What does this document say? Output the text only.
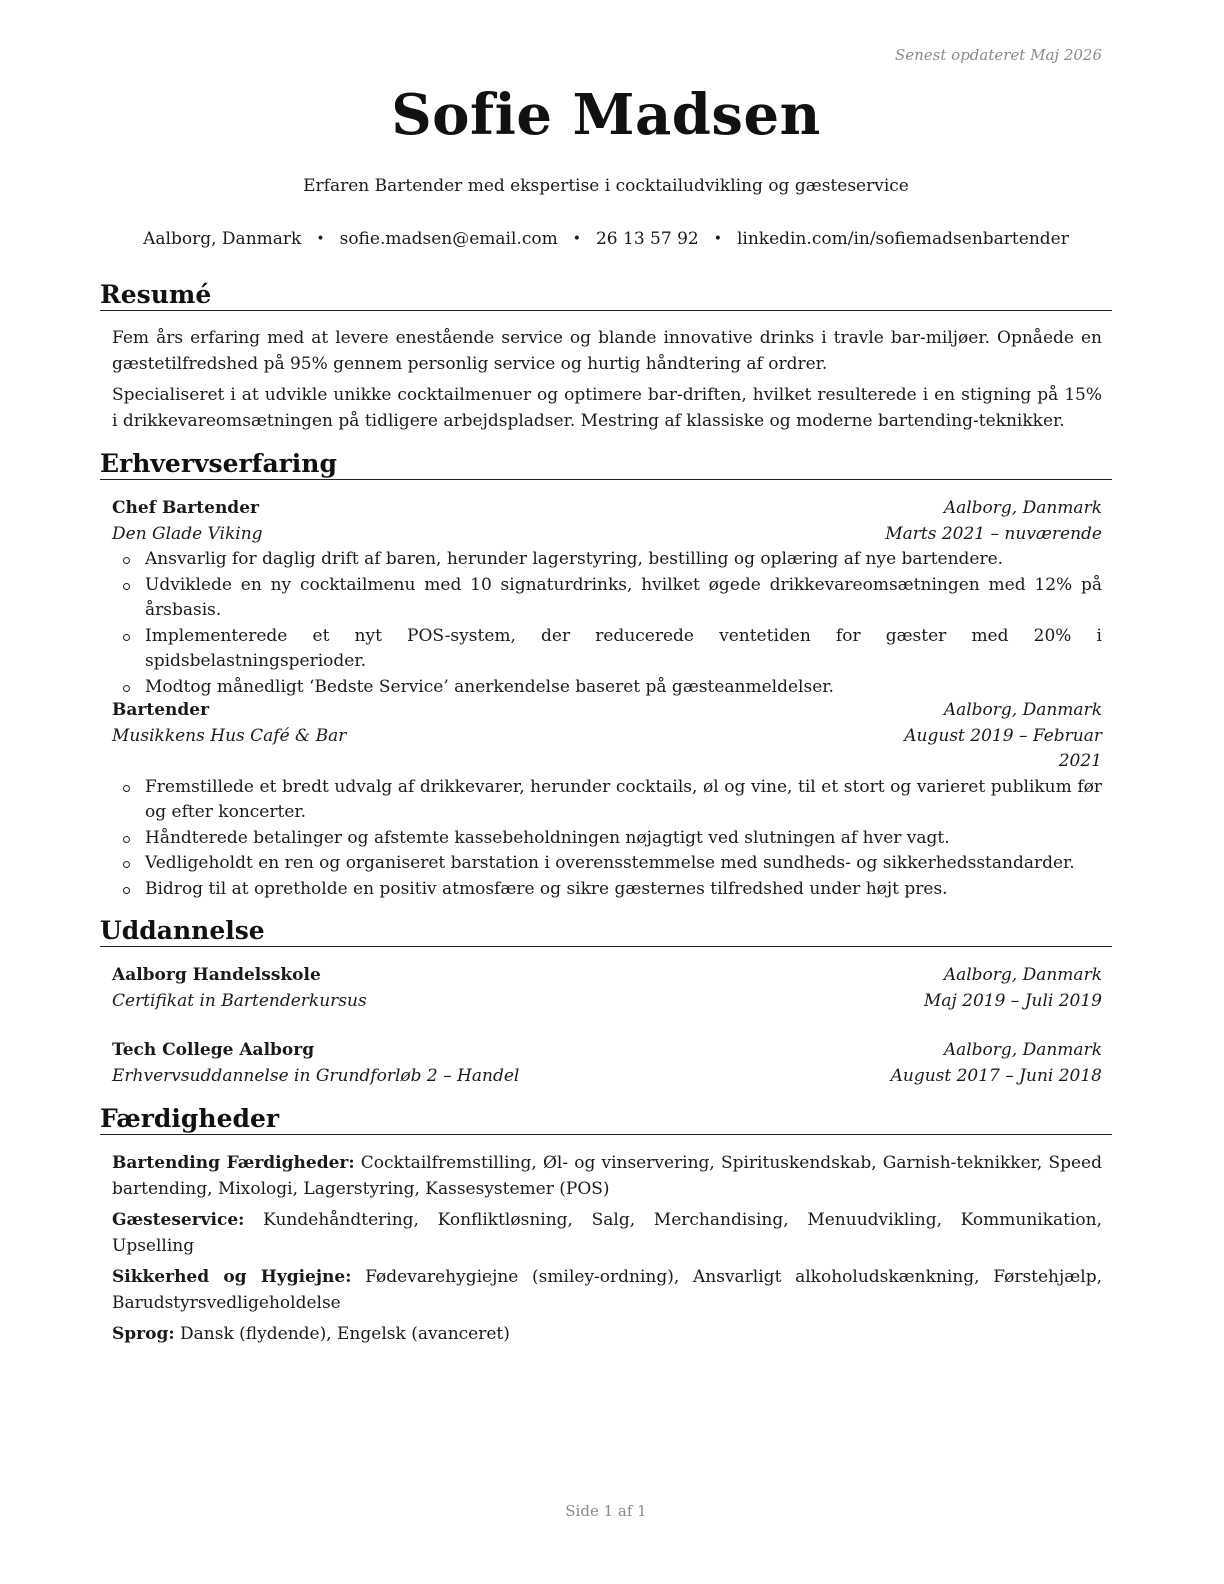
Senest opdateret Maj 2026
Sofie Madsen
Erfaren Bartender med ekspertise i cocktailudvikling og gæsteservice
Aalborg, Danmark • sofie.madsen@email.com • 26 13 57 92 • linkedin.com/in/sofiemadsenbartender
Resumé

Fem års erfaring med at levere enestående service og blande innovative drinks i travle bar-miljøer. Opnåede en gæstetilfredshed på 95% gennem personlig service og hurtig håndtering af ordrer.

Specialiseret i at udvikle unikke cocktailmenuer og optimere bar-driften, hvilket resulterede i en stigning på 15% i drikkevareomsætningen på tidligere arbejdspladser. Mestring af klassiske og moderne bartending-teknikker.

Erhvervserfaring
Chef Bartender	Aalborg, Danmark
Den Glade Viking	Marts 2021 – nuværende
Ansvarlig for daglig drift af baren, herunder lagerstyring, bestilling og oplæring af nye bartendere.
Udviklede en ny cocktailmenu med 10 signaturdrinks, hvilket øgede drikkevareomsætningen med 12% på årsbasis.
Implementerede et nyt POS-system, der reducerede ventetiden for gæster med 20% i spidsbelastningsperioder.
Modtog månedligt ‘Bedste Service’ anerkendelse baseret på gæsteanmeldelser.
Bartender	Aalborg, Danmark
Musikkens Hus Café & Bar	August 2019 – Februar 2021
Fremstillede et bredt udvalg af drikkevarer, herunder cocktails, øl og vine, til et stort og varieret publikum før og efter koncerter.
Håndterede betalinger og afstemte kassebeholdningen nøjagtigt ved slutningen af hver vagt.
Vedligeholdt en ren og organiseret barstation i overensstemmelse med sundheds- og sikkerhedsstandarder.
Bidrog til at opretholde en positiv atmosfære og sikre gæsternes tilfredshed under højt pres.
Uddannelse
Aalborg Handelsskole	Aalborg, Danmark
Certifikat in Bartenderkursus	Maj 2019 – Juli 2019
Tech College Aalborg	Aalborg, Danmark
Erhvervsuddannelse in Grundforløb 2 – Handel	August 2017 – Juni 2018
Færdigheder
Bartending Færdigheder: Cocktailfremstilling, Øl- og vinservering, Spirituskendskab, Garnish-teknikker, Speed bartending, Mixologi, Lagerstyring, Kassesystemer (POS)
Gæsteservice: Kundehåndtering, Konfliktløsning, Salg, Merchandising, Menuudvikling, Kommunikation, Upselling
Sikkerhed og Hygiejne: Fødevarehygiejne (smiley-ordning), Ansvarligt alkoholudskænkning, Førstehjælp, Barudstyrsvedligeholdelse
Sprog: Dansk (flydende), Engelsk (avanceret)
Side 1 af 1
